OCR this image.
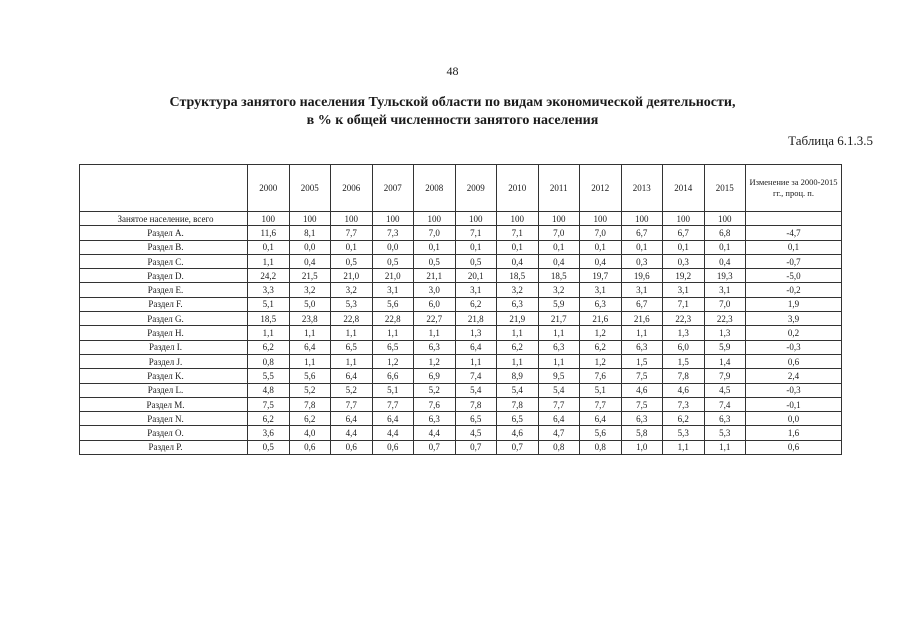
48
Структура занятого населения Тульской области по видам экономической деятельности,
в % к общей численности занятого населения
Таблица 6.1.3.5
	2000	2005	2006	2007	2008	2009	2010	2011	2012	2013	2014	2015	Изменение за 2000-2015 гг., проц. п.
Занятое население, всего	100	100	100	100	100	100	100	100	100	100	100	100	
Раздел A.	11,6	8,1	7,7	7,3	7,0	7,1	7,1	7,0	7,0	6,7	6,7	6,8	-4,7
Раздел B.	0,1	0,0	0,1	0,0	0,1	0,1	0,1	0,1	0,1	0,1	0,1	0,1	0,1
Раздел C.	1,1	0,4	0,5	0,5	0,5	0,5	0,4	0,4	0,4	0,3	0,3	0,4	-0,7
Раздел D.	24,2	21,5	21,0	21,0	21,1	20,1	18,5	18,5	19,7	19,6	19,2	19,3	-5,0
Раздел E.	3,3	3,2	3,2	3,1	3,0	3,1	3,2	3,2	3,1	3,1	3,1	3,1	-0,2
Раздел F.	5,1	5,0	5,3	5,6	6,0	6,2	6,3	5,9	6,3	6,7	7,1	7,0	1,9
Раздел G.	18,5	23,8	22,8	22,8	22,7	21,8	21,9	21,7	21,6	21,6	22,3	22,3	3,9
Раздел H.	1,1	1,1	1,1	1,1	1,1	1,3	1,1	1,1	1,2	1,1	1,3	1,3	0,2
Раздел I.	6,2	6,4	6,5	6,5	6,3	6,4	6,2	6,3	6,2	6,3	6,0	5,9	-0,3
Раздел J.	0,8	1,1	1,1	1,2	1,2	1,1	1,1	1,1	1,2	1,5	1,5	1,4	0,6
Раздел K.	5,5	5,6	6,4	6,6	6,9	7,4	8,9	9,5	7,6	7,5	7,8	7,9	2,4
Раздел L.	4,8	5,2	5,2	5,1	5,2	5,4	5,4	5,4	5,1	4,6	4,6	4,5	-0,3
Раздел M.	7,5	7,8	7,7	7,7	7,6	7,8	7,8	7,7	7,7	7,5	7,3	7,4	-0,1
Раздел N.	6,2	6,2	6,4	6,4	6,3	6,5	6,5	6,4	6,4	6,3	6,2	6,3	0,0
Раздел O.	3,6	4,0	4,4	4,4	4,4	4,5	4,6	4,7	5,6	5,8	5,3	5,3	1,6
Раздел P.	0,5	0,6	0,6	0,6	0,7	0,7	0,7	0,8	0,8	1,0	1,1	1,1	0,6
